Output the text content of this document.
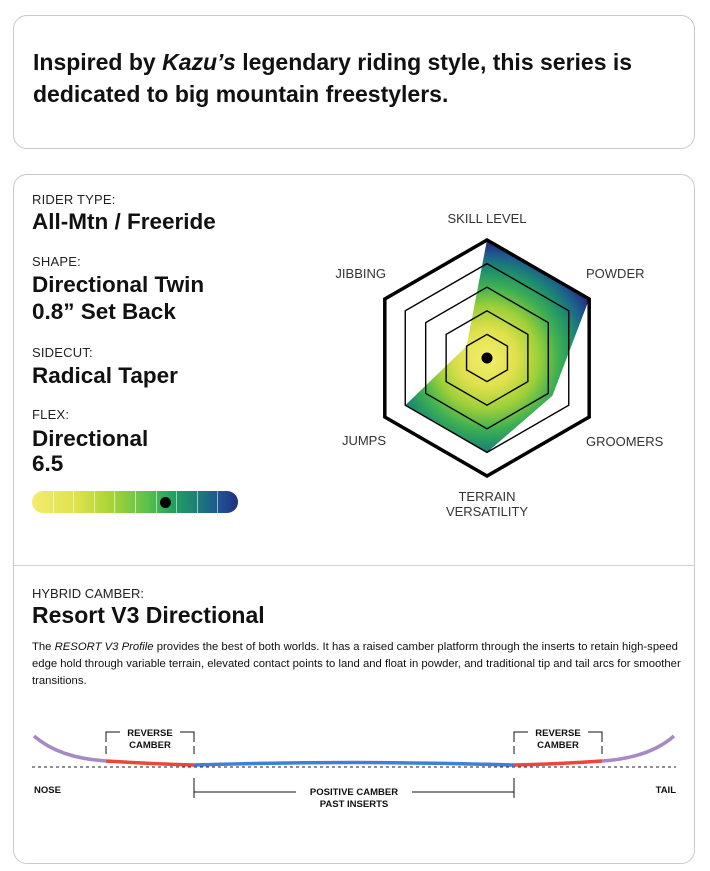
Inspired by Kazu’s legendary riding style, this series is dedicated to big mountain freestylers.

RIDER TYPE:
All-Mtn / Freeride
SHAPE:
Directional Twin
0.8” Set Back
SIDECUT:
Radical Taper
FLEX:
Directional
6.5
SKILL LEVEL
POWDER
GROOMERS
TERRAIN
VERSATILITY
JUMPS
JIBBING
HYBRID CAMBER:
Resort V3 Directional

The RESORT V3 Profile provides the best of both worlds. It has a raised camber platform through the inserts to retain high-speed edge hold through variable terrain, elevated contact points to land and float in powder, and traditional tip and tail arcs for smoother transitions.

REVERSE
CAMBER
REVERSE
CAMBER
NOSE	TAIL
POSITIVE CAMBER
PAST INSERTS
